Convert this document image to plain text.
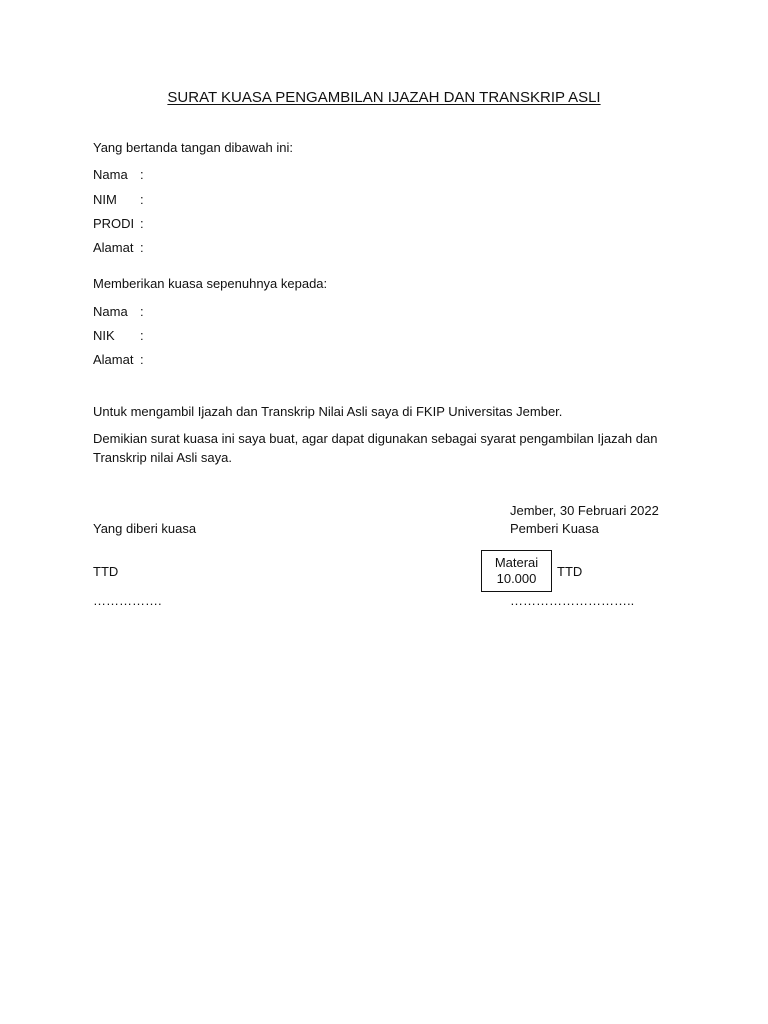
SURAT KUASA PENGAMBILAN IJAZAH DAN TRANSKRIP ASLI
Yang bertanda tangan dibawah ini:
Nama :
NIM :
PRODI :
Alamat :
Memberikan kuasa sepenuhnya kepada:
Nama :
NIK :
Alamat :
Untuk mengambil Ijazah dan Transkrip Nilai Asli saya di FKIP Universitas Jember.
Demikian surat kuasa ini saya buat, agar dapat digunakan sebagai syarat pengambilan Ijazah dan
Transkrip nilai Asli saya.
Jember, 30 Februari 2022
Yang diberi kuasa	Pemberi Kuasa
TTD
Materai
10.000	TTD
…………….	………………………..
